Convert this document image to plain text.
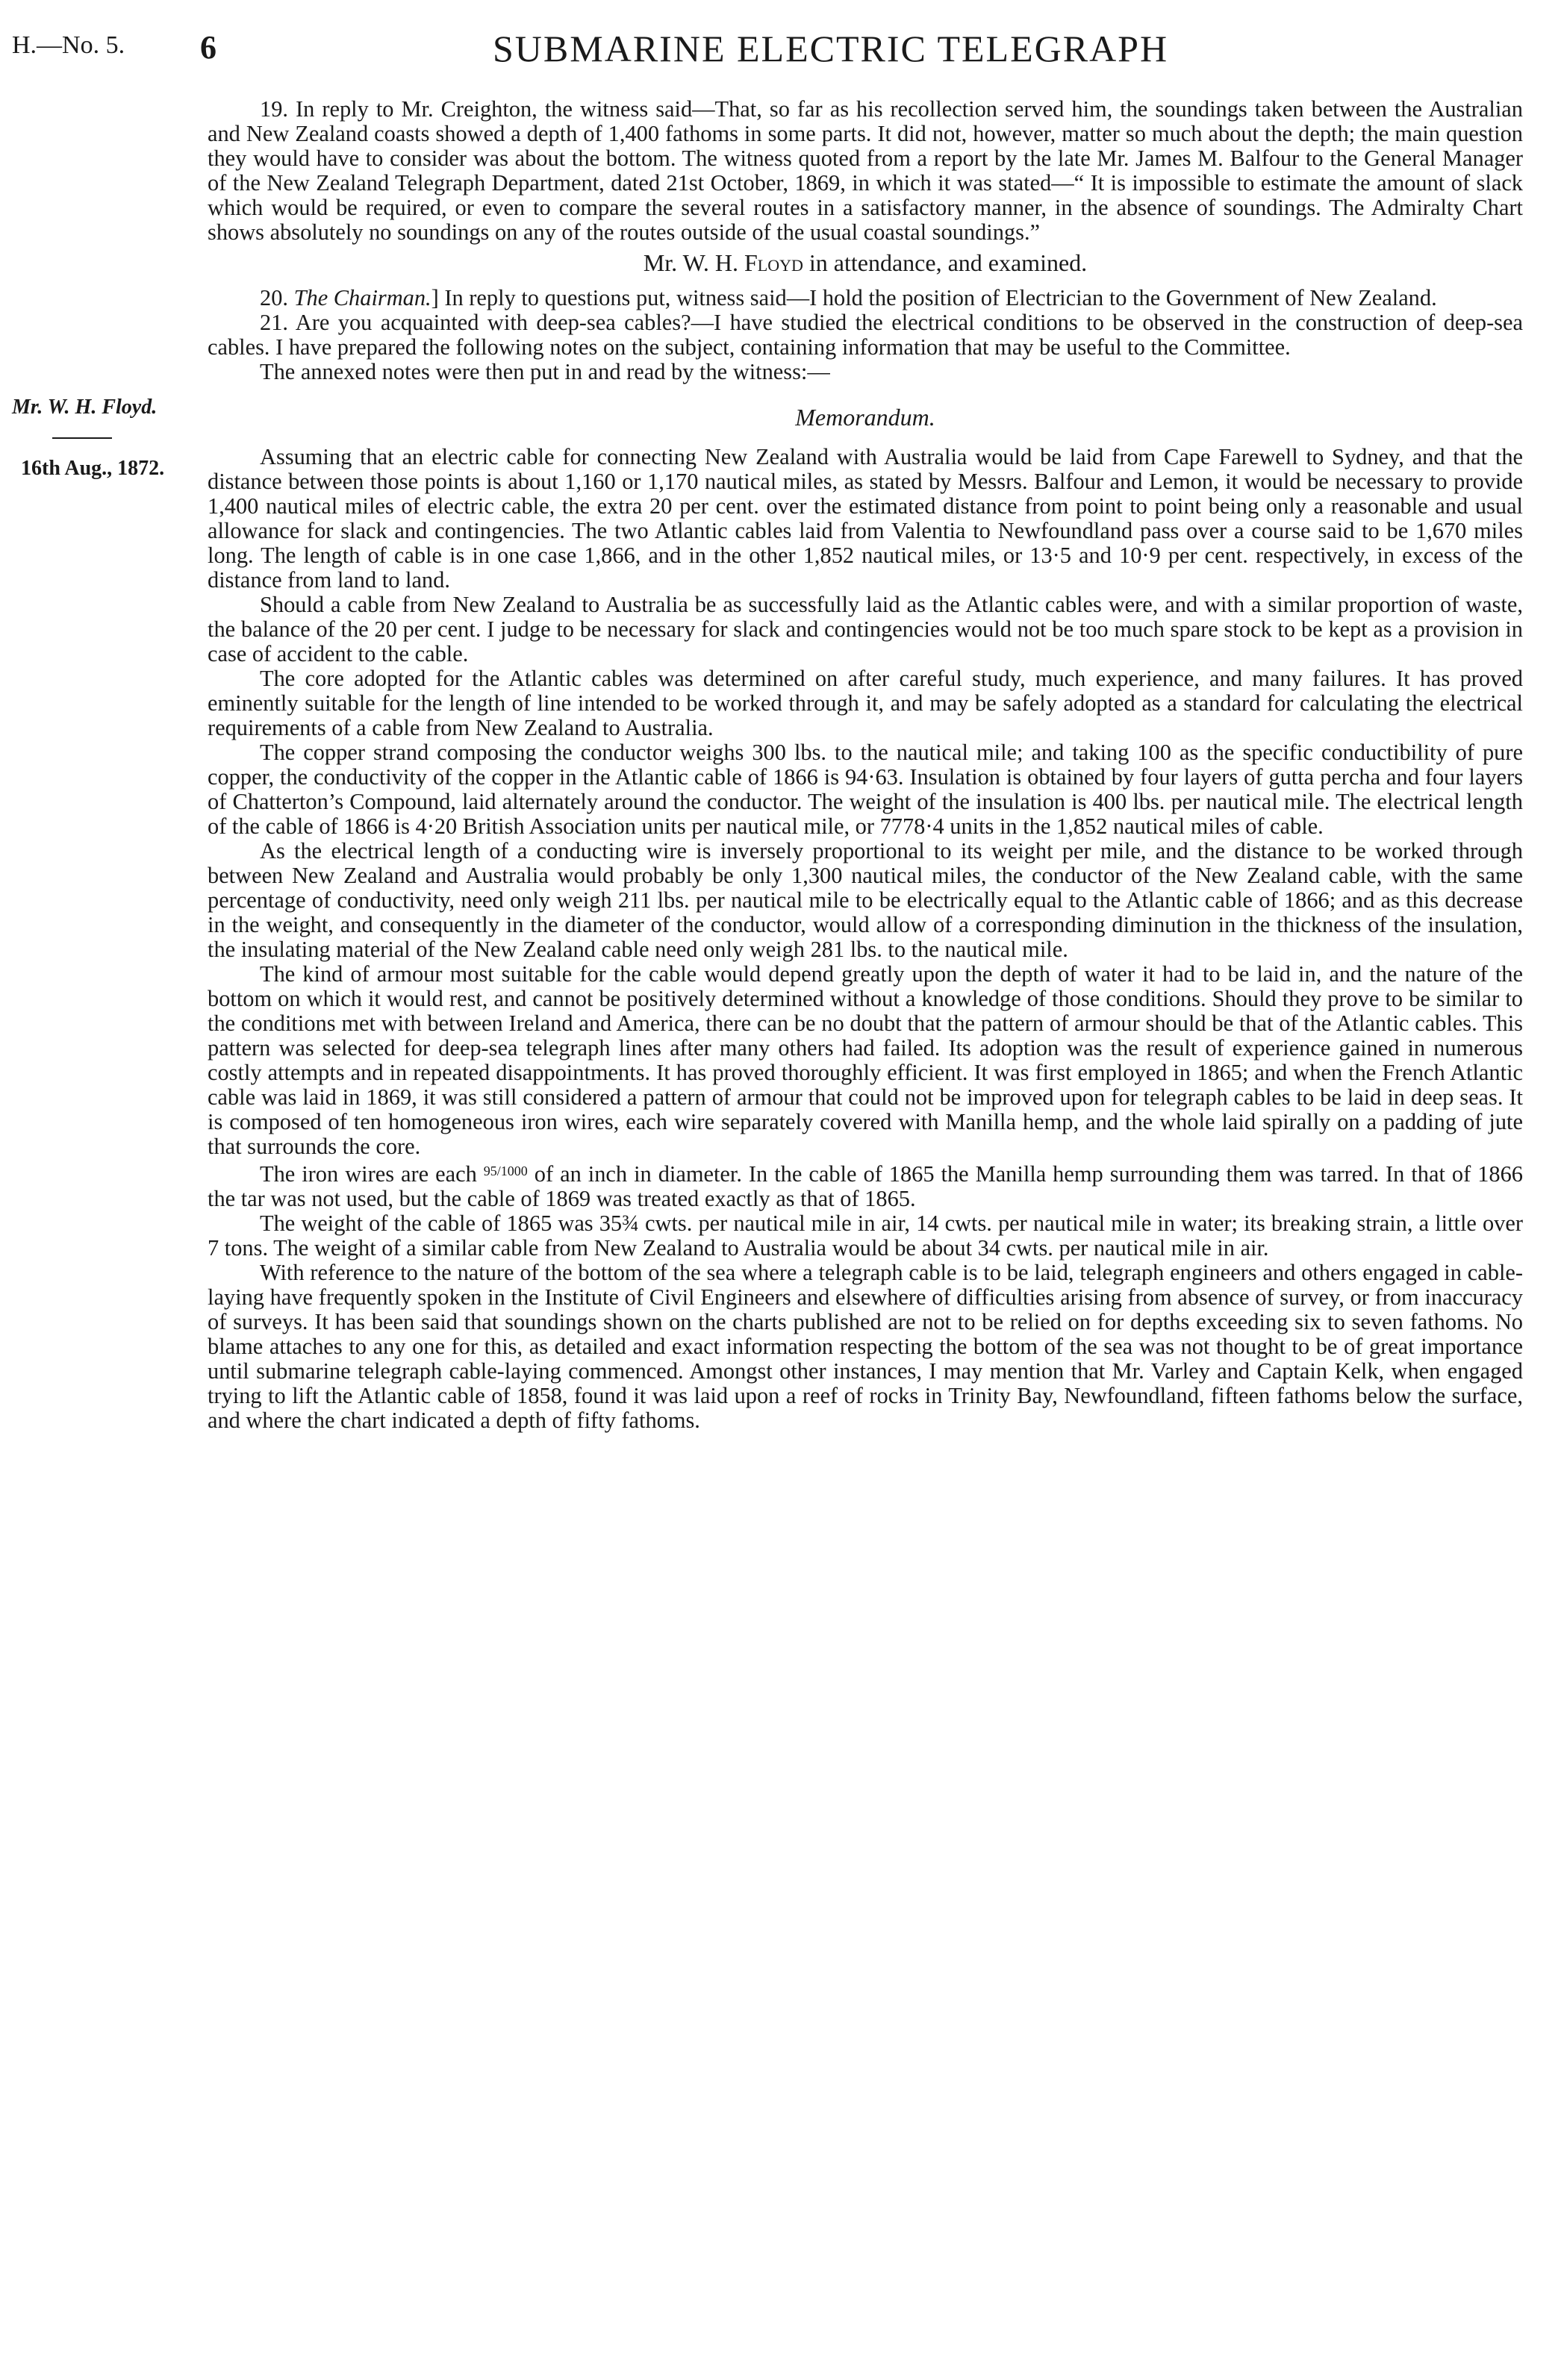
H.—No. 5. 6	SUBMARINE ELECTRIC TELEGRAPH
Mr. W. H. Floyd.
16th Aug., 1872.

19. In reply to Mr. Creighton, the witness said—That, so far as his recollection served him, the soundings taken between the Australian and New Zealand coasts showed a depth of 1,400 fathoms in some parts. It did not, however, matter so much about the depth; the main question they would have to consider was about the bottom. The witness quoted from a report by the late Mr. James M. Balfour to the General Manager of the New Zealand Telegraph Department, dated 21st October, 1869, in which it was stated—“ It is impossible to estimate the amount of slack which would be required, or even to compare the several routes in a satisfactory manner, in the absence of soundings. The Admiralty Chart shows absolutely no soundings on any of the routes outside of the usual coastal soundings.”

Mr. W. H. Floyd in attendance, and examined.

20. The Chairman.] In reply to questions put, witness said—I hold the position of Electrician to the Government of New Zealand.

21. Are you acquainted with deep-sea cables?—I have studied the electrical conditions to be observed in the construction of deep-sea cables. I have prepared the following notes on the subject, containing information that may be useful to the Committee.

The annexed notes were then put in and read by the witness:—

Memorandum.

Assuming that an electric cable for connecting New Zealand with Australia would be laid from Cape Farewell to Sydney, and that the distance between those points is about 1,160 or 1,170 nautical miles, as stated by Messrs. Balfour and Lemon, it would be necessary to provide 1,400 nautical miles of electric cable, the extra 20 per cent. over the estimated distance from point to point being only a reasonable and usual allowance for slack and contingencies. The two Atlantic cables laid from Valentia to Newfoundland pass over a course said to be 1,670 miles long. The length of cable is in one case 1,866, and in the other 1,852 nautical miles, or 13·5 and 10·9 per cent. respectively, in excess of the distance from land to land.

Should a cable from New Zealand to Australia be as successfully laid as the Atlantic cables were, and with a similar proportion of waste, the balance of the 20 per cent. I judge to be necessary for slack and contingencies would not be too much spare stock to be kept as a provision in case of accident to the cable.

The core adopted for the Atlantic cables was determined on after careful study, much experience, and many failures. It has proved eminently suitable for the length of line intended to be worked through it, and may be safely adopted as a standard for calculating the electrical requirements of a cable from New Zealand to Australia.

The copper strand composing the conductor weighs 300 lbs. to the nautical mile; and taking 100 as the specific conductibility of pure copper, the conductivity of the copper in the Atlantic cable of 1866 is 94·63. Insulation is obtained by four layers of gutta percha and four layers of Chatterton’s Compound, laid alternately around the conductor. The weight of the insulation is 400 lbs. per nautical mile. The electrical length of the cable of 1866 is 4·20 British Association units per nautical mile, or 7778·4 units in the 1,852 nautical miles of cable.

As the electrical length of a conducting wire is inversely proportional to its weight per mile, and the distance to be worked through between New Zealand and Australia would probably be only 1,300 nautical miles, the conductor of the New Zealand cable, with the same percentage of conductivity, need only weigh 211 lbs. per nautical mile to be electrically equal to the Atlantic cable of 1866; and as this decrease in the weight, and consequently in the diameter of the conductor, would allow of a corresponding diminution in the thickness of the insulation, the insulating material of the New Zealand cable need only weigh 281 lbs. to the nautical mile.

The kind of armour most suitable for the cable would depend greatly upon the depth of water it had to be laid in, and the nature of the bottom on which it would rest, and cannot be positively determined without a knowledge of those conditions. Should they prove to be similar to the conditions met with between Ireland and America, there can be no doubt that the pattern of armour should be that of the Atlantic cables. This pattern was selected for deep-sea telegraph lines after many others had failed. Its adoption was the result of experience gained in numerous costly attempts and in repeated disappointments. It has proved thoroughly efficient. It was first employed in 1865; and when the French Atlantic cable was laid in 1869, it was still considered a pattern of armour that could not be improved upon for telegraph cables to be laid in deep seas. It is composed of ten homogeneous iron wires, each wire separately covered with Manilla hemp, and the whole laid spirally on a padding of jute that surrounds the core.

The iron wires are each $^{95/1000}$ of an inch in diameter. In the cable of 1865 the Manilla hemp surrounding them was tarred. In that of 1866 the tar was not used, but the cable of 1869 was treated exactly as that of 1865.

The weight of the cable of 1865 was 35¾ cwts. per nautical mile in air, 14 cwts. per nautical mile in water; its breaking strain, a little over 7 tons. The weight of a similar cable from New Zealand to Australia would be about 34 cwts. per nautical mile in air.

With reference to the nature of the bottom of the sea where a telegraph cable is to be laid, telegraph engineers and others engaged in cable-laying have frequently spoken in the Institute of Civil Engineers and elsewhere of difficulties arising from absence of survey, or from inaccuracy of surveys. It has been said that soundings shown on the charts published are not to be relied on for depths exceeding six to seven fathoms. No blame attaches to any one for this, as detailed and exact information respecting the bottom of the sea was not thought to be of great importance until submarine telegraph cable-laying commenced. Amongst other instances, I may mention that Mr. Varley and Captain Kelk, when engaged trying to lift the Atlantic cable of 1858, found it was laid upon a reef of rocks in Trinity Bay, Newfoundland, fifteen fathoms below the surface, and where the chart indicated a depth of fifty fathoms.
